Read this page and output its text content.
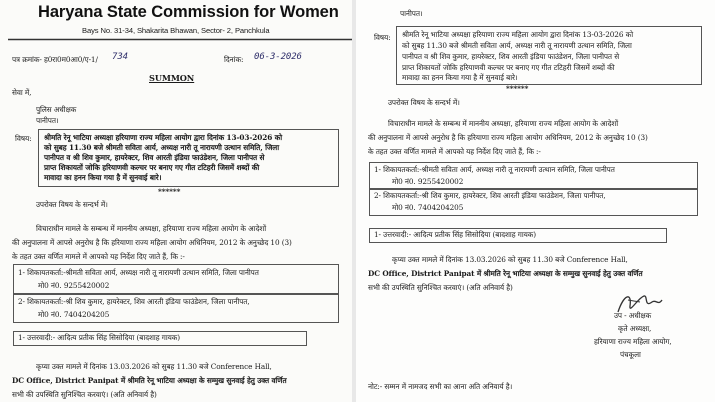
Haryana State Commission for Women
Bays No. 31-34, Shakarita Bhawan, Sector- 2, Panchkula
पत्र क्रमांक- ह0रा0म0आ0/ए-1/ 734	दिनांक: 06-3-2026
SUMMON
सेवा में,
पुलिस अधीक्षक
पानीपत।
विषय: श्रीमति रेनू भाटिया अध्यक्षा हरियाणा राज्य महिला आयोग द्वारा दिनांक 13-03-2026 को
को सुबह 11.30 बजे श्रीमती सविता आर्य, अध्यक्ष नारी तू नारायणी उत्थान समिति, जिला
पानीपत व श्री शिव कुमार, हायरेक्टर, शिव आरती इंडिया फाउंडेशन, जिला पानीपत से
प्राप्त शिकायतों जोकि हरियाणवी कल्चर पर बनाए गए गीत टटिहरी जिसमें शब्दों की
मावादा का हनन किया गया है में सुनवाई बारे।
******
उपरोक्त विषय के सन्दर्भ में।
विचाराधीन मामले के सम्बन्ध में माननीय अध्यक्षा, हरियाणा राज्य महिला आयोग के आदेशों
की अनुपालना में आपसे अनुरोध है कि हरियाणा राज्य महिला आयोग अधिनियम, 2012 के अनुच्छेद 10 (3)
के तहत उक्त वर्णित मामले में आपको यह निर्देश दिए जाते हैं, कि :-
1- शिकायतकर्ता:-श्रीमती सविता आर्य, अध्यक्ष नारी तू नारायणी उत्थान समिति, जिला पानीपत
मो0 नं0. 9255420002
2- शिकायतकर्ता:-श्री शिव कुमार, हायरेक्टर, शिव आरती इंडिया फाउंडेशन, जिला पानीपत,
मो0 नं0. 7404204205
1- उत्तरवादी:- आदित्य प्रतीक सिंह सिसोदिया (बादशाह गायक)
कृप्या उक्त मामले में दिनांक 13.03.2026 को सुबह 11.30 बजे Conference Hall,
DC Office, District Panipat में श्रीमति रेनू भाटिया अध्यक्षा के सम्मुख सुनवाई हेतु उक्त वर्णित
सभी की उपस्थिति सुनिश्चित करवाएं। (अति अनिवार्य है)
पानीपत।
विषय: श्रीमति रेनू भाटिया अध्यक्षा हरियाणा राज्य महिला आयोग द्वारा दिनांक 13-03-2026 को
को सुबह 11.30 बजे श्रीमती सविता आर्य, अध्यक्ष नारी तू नारायणी उत्थान समिति, जिला
पानीपत व श्री शिव कुमार, हायरेक्टर, शिव आरती इंडिया फाउंडेशन, जिला पानीपत से
प्राप्त शिकायतों जोकि हरियाणवी कल्चर पर बनाए गए गीत टटिहरी जिसमें शब्दों की
मावादा का हनन किया गया है में सुनवाई बारे।
******
उपरोक्त विषय के सन्दर्भ में।
विचाराधीन मामले के सम्बन्ध में माननीय अध्यक्षा, हरियाणा राज्य महिला आयोग के आदेशों
की अनुपालना में आपसे अनुरोध है कि हरियाणा राज्य महिला आयोग अधिनियम, 2012 के अनुच्छेद 10 (3)
के तहत उक्त वर्णित मामले में आपको यह निर्देश दिए जाते हैं, कि :-
1- शिकायतकर्ता:-श्रीमती सविता आर्य, अध्यक्ष नारी तू नारायणी उत्थान समिति, जिला पानीपत
मो0 नं0. 9255420002
2- शिकायतकर्ता:-श्री शिव कुमार, हायरेक्टर, शिव आरती इंडिया फाउंडेशन, जिला पानीपत,
मो0 नं0. 7404204205
1- उत्तरवादी:- आदित्य प्रतीक सिंह सिसोदिया (बादशाह गायक)
कृप्या उक्त मामले में दिनांक 13.03.2026 को सुबह 11.30 बजे Conference Hall,
DC Office, District Panipat में श्रीमति रेनू भाटिया अध्यक्षा के सम्मुख सुनवाई हेतु उक्त वर्णित
सभी की उपस्थिति सुनिश्चित करवाएं। (अति अनिवार्य है)
उप - अधीक्षक
कृते अध्यक्षा,
हरियाणा राज्य महिला आयोग,
पंचकूला
नोट:- सम्मन में नामजद सभी का आना अति अनिवार्य है।
